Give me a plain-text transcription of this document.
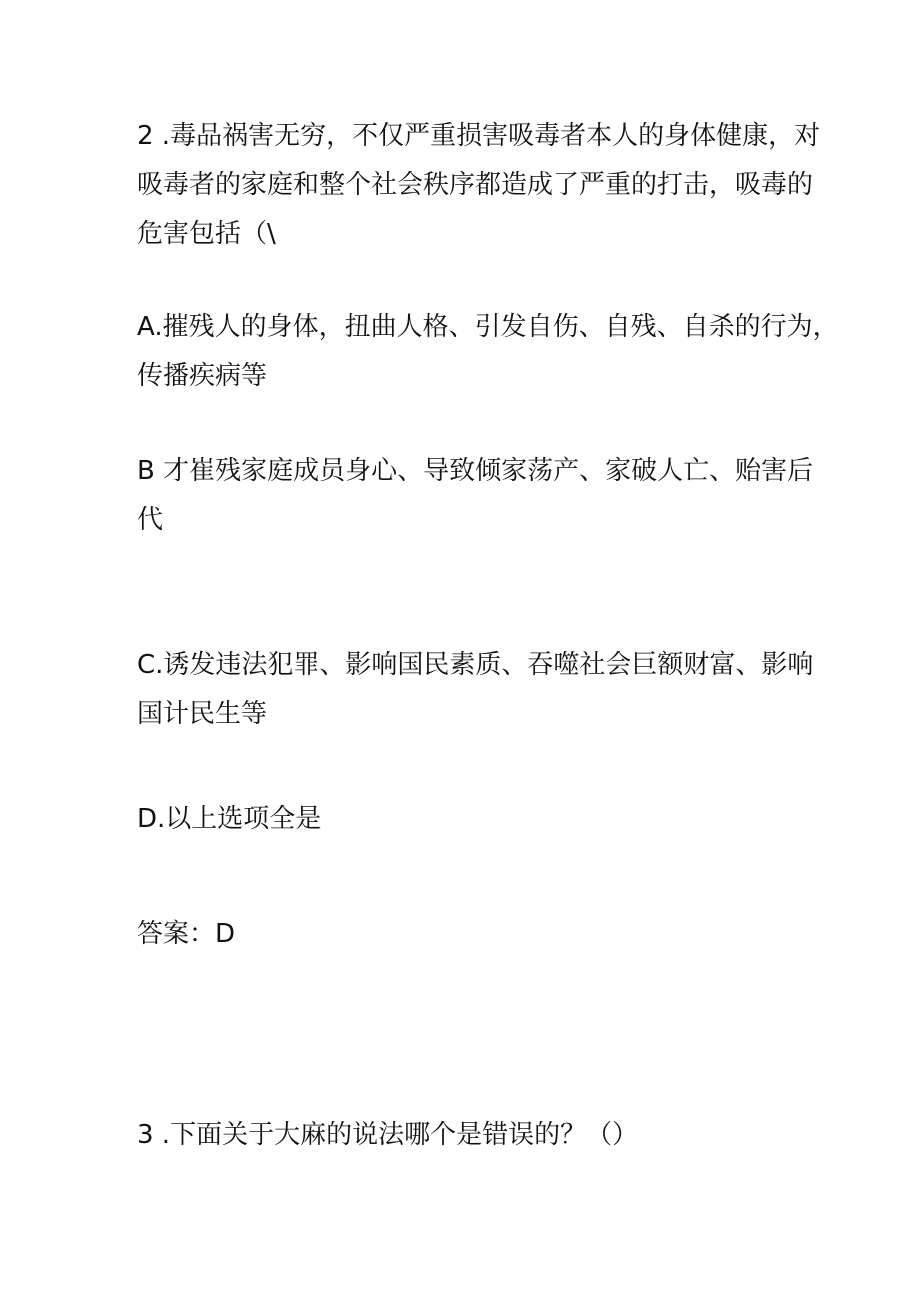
2 .毒品祸害无穷，不仅严重损害吸毒者本人的身体健康，对
吸毒者的家庭和整个社会秩序都造成了严重的打击，吸毒的
危害包括（\
A.摧残人的身体，扭曲人格、引发自伤、自残、自杀的行为，
传播疾病等
B 才崔残家庭成员身心、导致倾家荡产、家破人亡、贻害后
代
C.诱发违法犯罪、影响国民素质、吞噬社会巨额财富、影响
国计民生等
D.以上选项全是
答案：D
3 .下面关于大麻的说法哪个是错误的？（）
